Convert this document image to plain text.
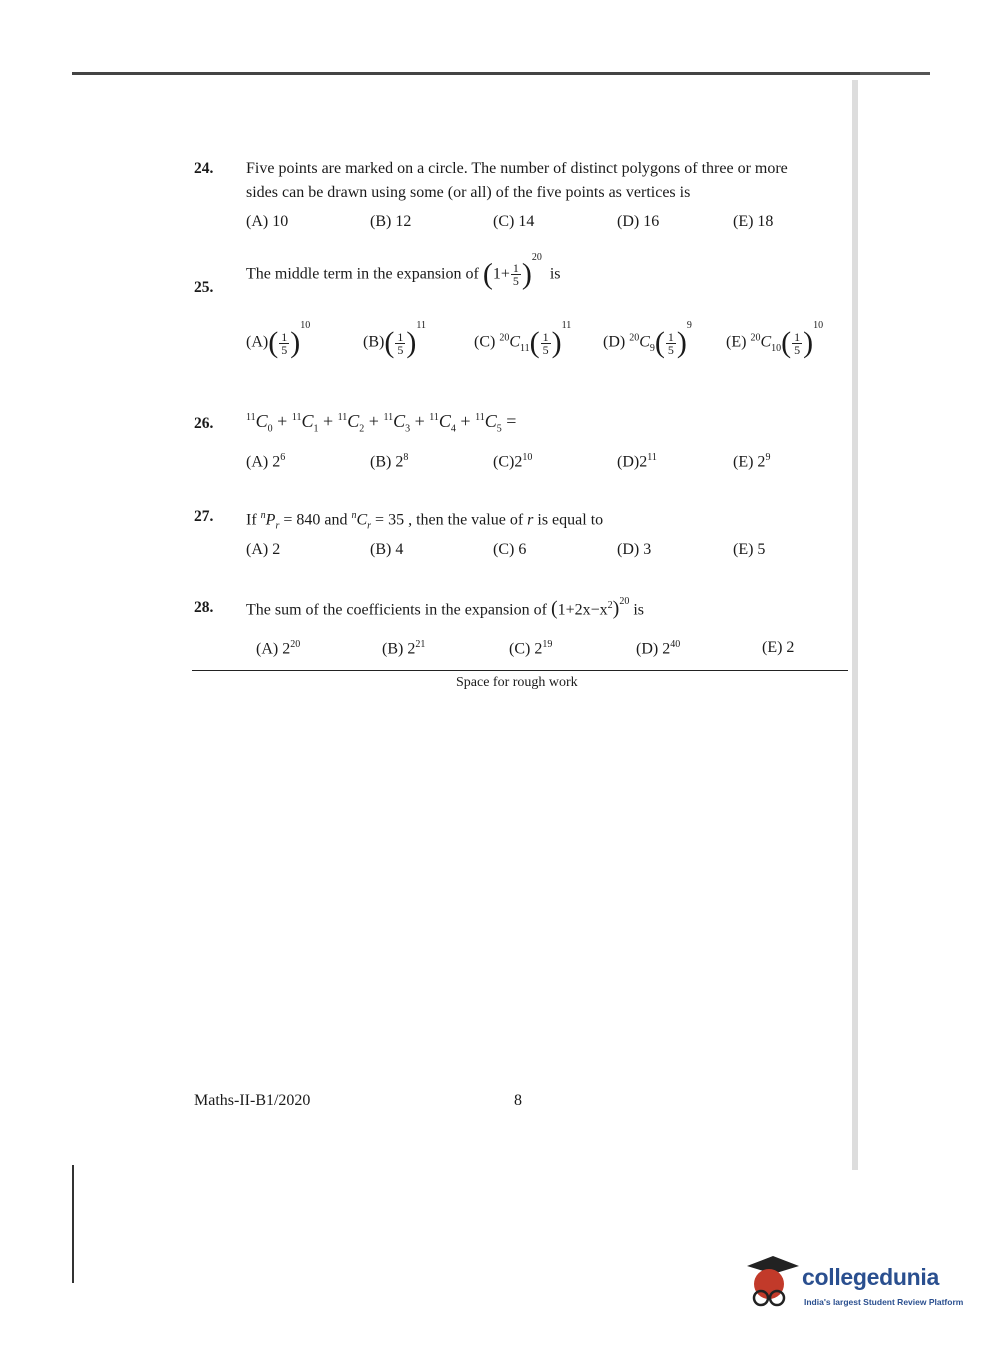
24. Five points are marked on a circle. The number of distinct polygons of three or more
sides can be drawn using some (or all) of the five points as vertices is
(A) 10	(B) 12	(C) 14	(D) 16	(E) 18
25.
The middle term in the expansion of $(1+ \frac{1}{5} )^{20}$  is
$(A)( \frac{1}{5} )^{10}$
$(B)( \frac{1}{5} )^{11}$
(C) $^{20}C_{11}( \frac{1}{5} )^{11}$
(D) $^{20}C_9( \frac{1}{5} )^9$
(E) $^{20}C_{10}( \frac{1}{5} )^{10}$
26.	$^{11}C_0 + ^{11}C_1 + ^{11}C_2 + ^{11}C_3 + ^{11}C_4 + ^{11}C_5$ =
(A) $2^6$	(B) $2^8$	$(C)2^{10}$	$(D)2^{11}$	(E) $2^9$
27. If $^nP_r = 840$ and $^nC_r = 35$ , then the value of r is equal to
(A) 2	(B) 4	(C) 6	(D) 3	(E) 5
28. The sum of the coefficients in the expansion of $(1+2x-x^2)^{20}$ is
(A) $2^{20}$	(B) $2^{21}$	(C) $2^{19}$	(D) $2^{40}$	(E) 2
Space for rough work
Maths-II-B1/2020	8
collegedunia
India's largest Student Review Platform
